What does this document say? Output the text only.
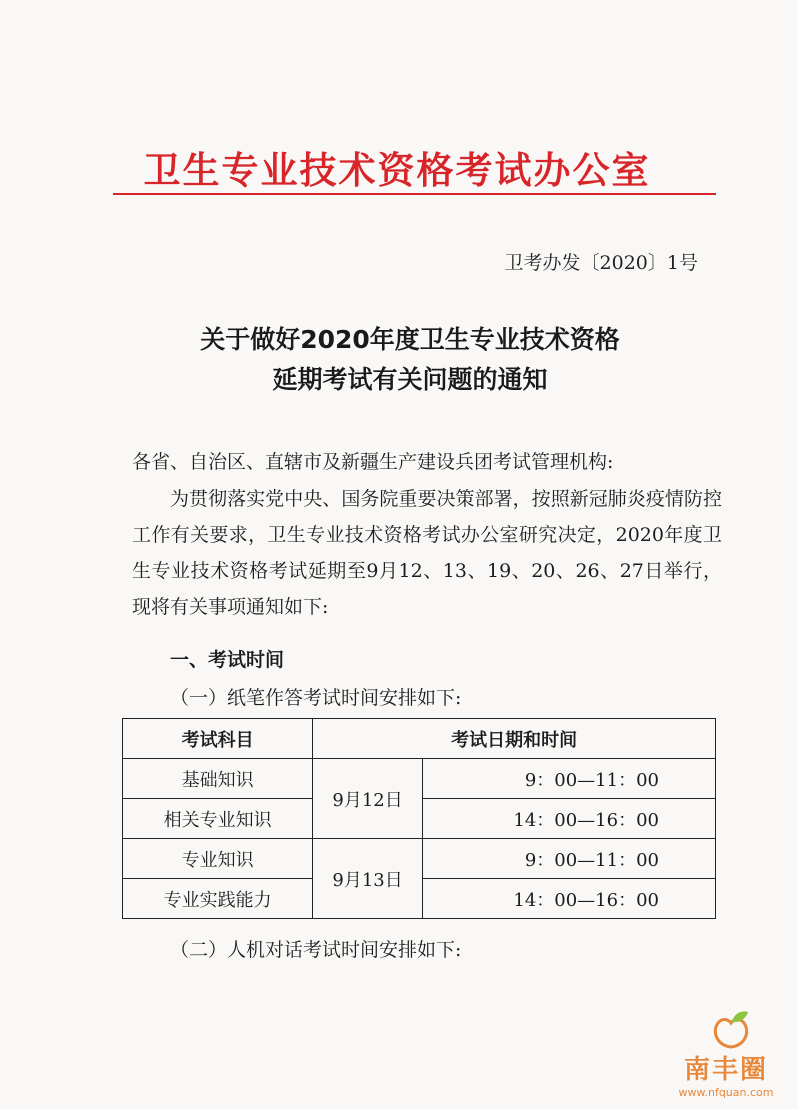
卫生专业技术资格考试办公室
卫考办发〔2020〕1号
关于做好2020年度卫生专业技术资格
延期考试有关问题的通知
各省、自治区、直辖市及新疆生产建设兵团考试管理机构:
为贯彻落实党中央、国务院重要决策部署，按照新冠肺炎疫情防控工作有关要求，卫生专业技术资格考试办公室研究决定，2020年度卫生专业技术资格考试延期至9月12、13、19、20、26、27日举行，现将有关事项通知如下:
一、考试时间
（一）纸笔作答考试时间安排如下:
考试科目	考试日期和时间	
基础知识	9月12日	9：00—11：00
相关专业知识		14：00—16：00
专业知识	9月13日	9：00—11：00
专业实践能力		14：00—16：00
（二）人机对话考试时间安排如下:
南丰圈
www.nfquan.com
